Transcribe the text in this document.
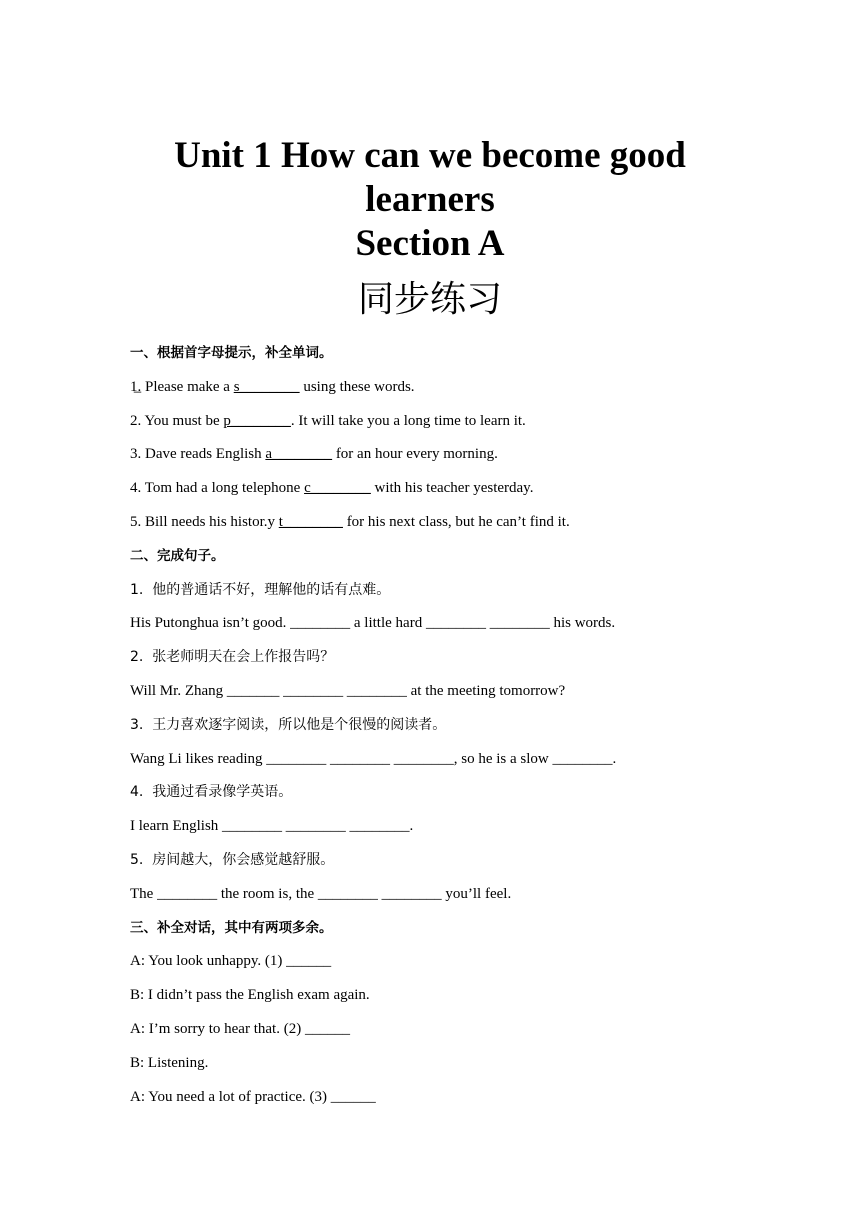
Unit 1 How can we become good
learners
Section A
同步练习
一、根据首字母提示，补全单词。
1̲. Please make a s________ using these words.
2. You must be p________. It will take you a long time to learn it.
3. Dave reads English a________ for an hour every morning.
4. Tom had a long telephone c________ with his teacher yesterday.
5. Bill needs his histor.y t________ for his next class, but he can’t find it.
二、完成句子。
1.  他的普通话不好，理解他的话有点难。
His Putonghua isn’t good. ________ a little hard ________ ________ his words.
2.  张老师明天在会上作报告吗？
Will Mr. Zhang _______ ________ ________ at the meeting tomorrow?
3.  王力喜欢逐字阅读，所以他是个很慢的阅读者。
Wang Li likes reading ________ ________ ________, so he is a slow ________.
4.  我通过看录像学英语。
I learn English ________ ________ ________.
5.  房间越大，你会感觉越舒服。
The ________ the room is, the ________ ________ you’ll feel.
三、补全对话，其中有两项多余。
A: You look unhappy. (1) ______
B: I didn’t pass the English exam again.
A: I’m sorry to hear that. (2) ______
B: Listening.
A: You need a lot of practice. (3) ______
